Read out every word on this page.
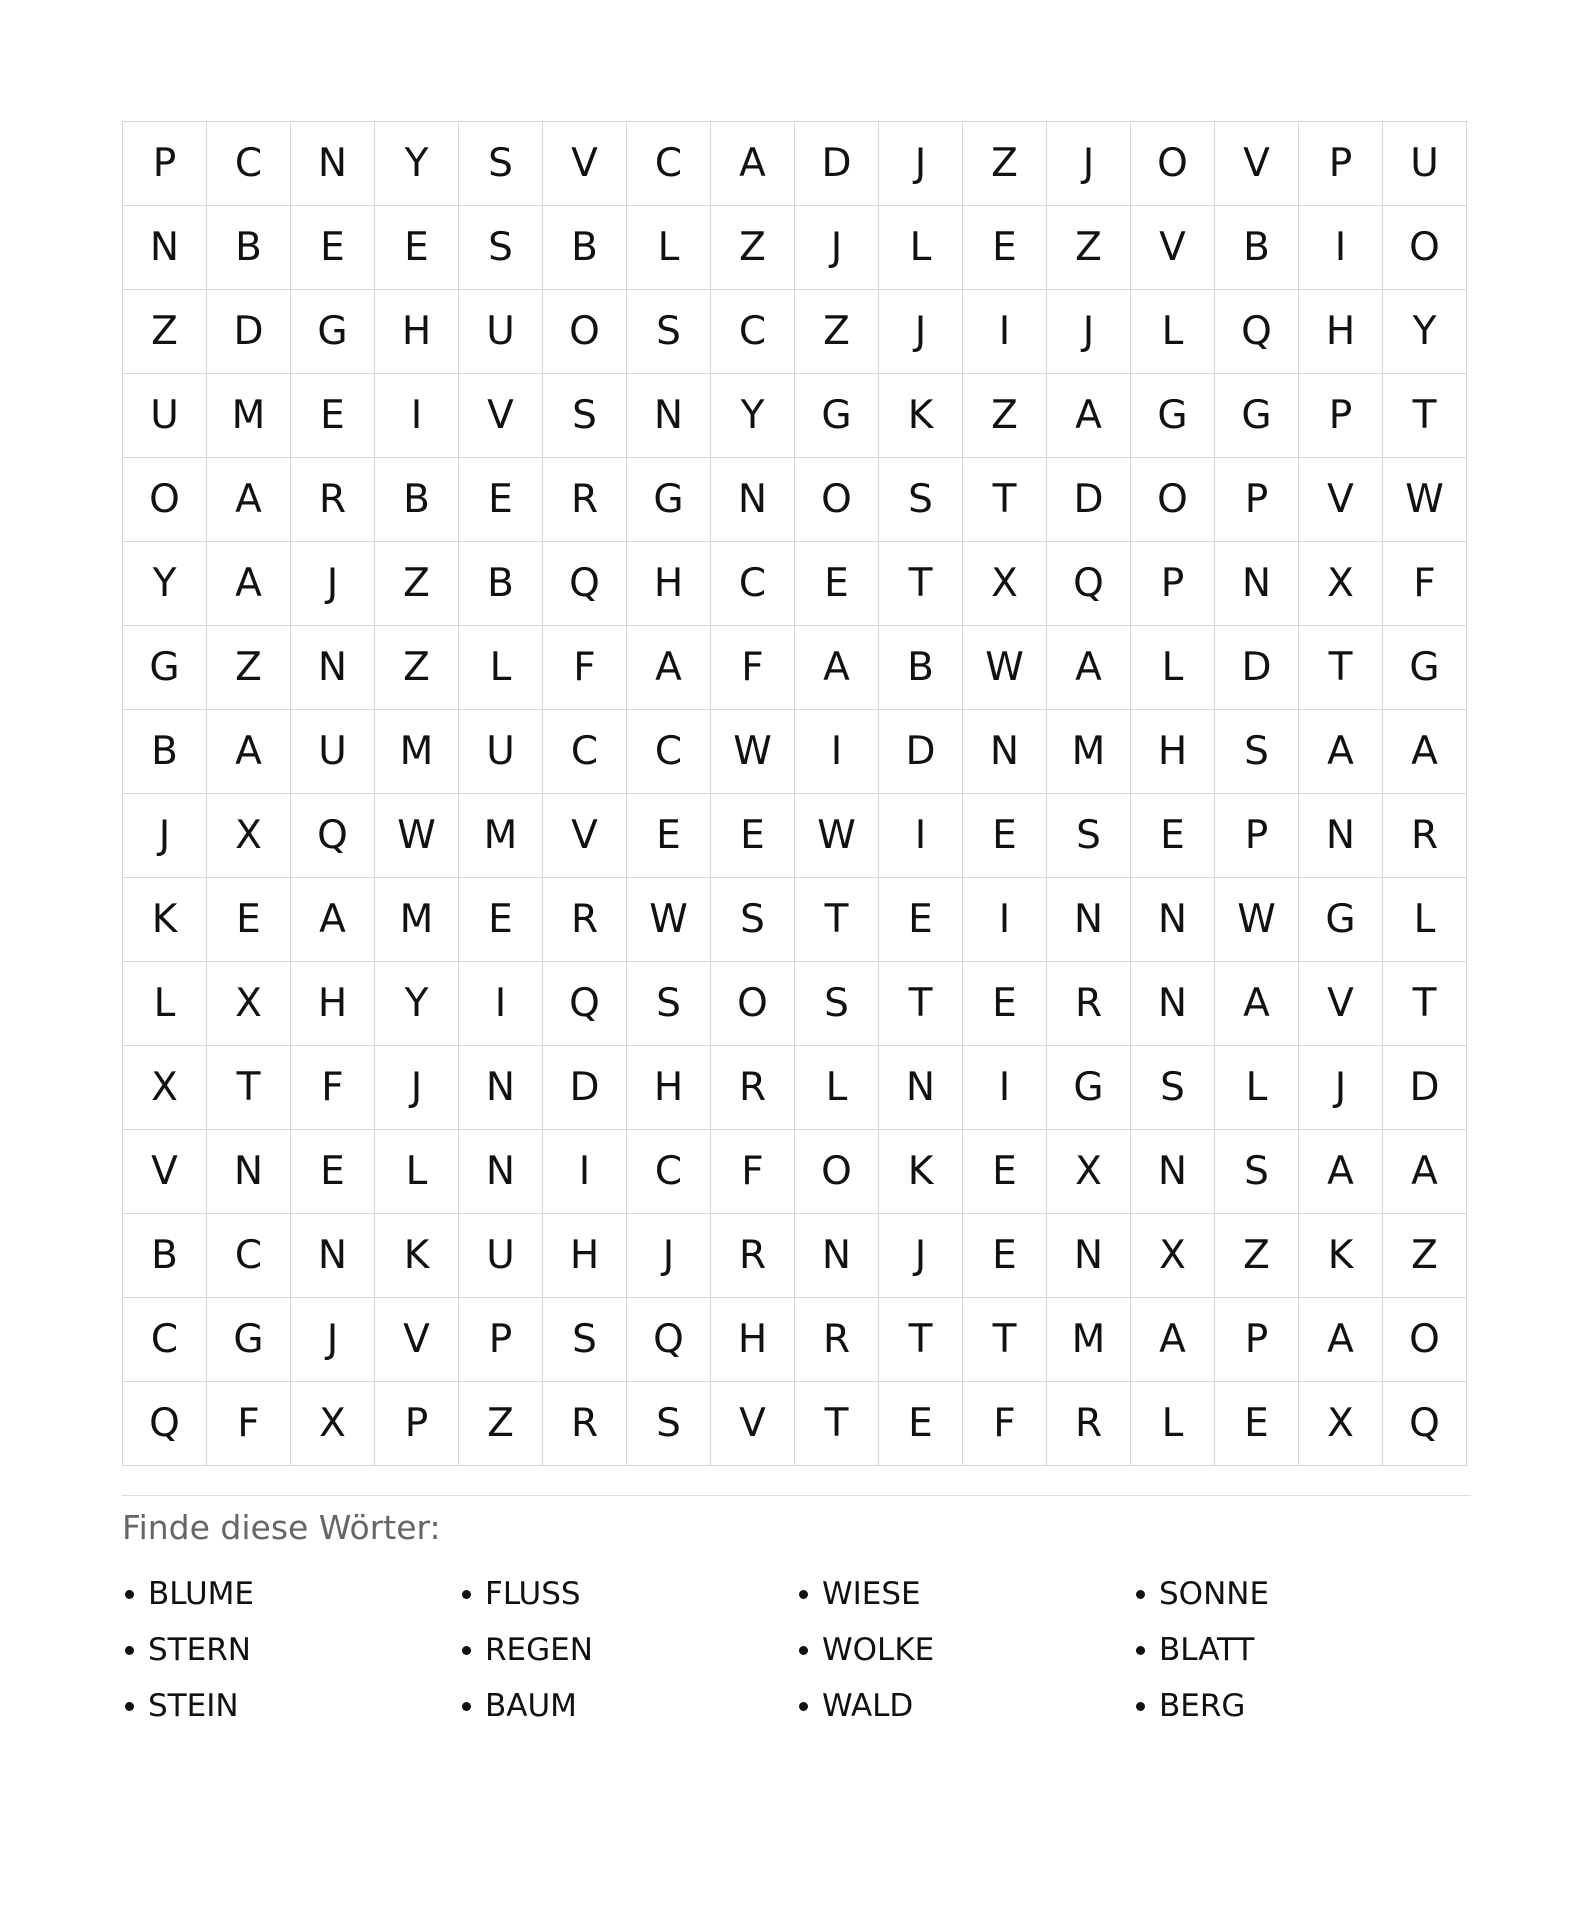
P	C	N	Y	S	V	C	A	D	J	Z	J	O	V	P	U
N	B	E	E	S	B	L	Z	J	L	E	Z	V	B	I	O
Z	D	G	H	U	O	S	C	Z	J	I	J	L	Q	H	Y
U	M	E	I	V	S	N	Y	G	K	Z	A	G	G	P	T
O	A	R	B	E	R	G	N	O	S	T	D	O	P	V	W
Y	A	J	Z	B	Q	H	C	E	T	X	Q	P	N	X	F
G	Z	N	Z	L	F	A	F	A	B	W	A	L	D	T	G
B	A	U	M	U	C	C	W	I	D	N	M	H	S	A	A
J	X	Q	W	M	V	E	E	W	I	E	S	E	P	N	R
K	E	A	M	E	R	W	S	T	E	I	N	N	W	G	L
L	X	H	Y	I	Q	S	O	S	T	E	R	N	A	V	T
X	T	F	J	N	D	H	R	L	N	I	G	S	L	J	D
V	N	E	L	N	I	C	F	O	K	E	X	N	S	A	A
B	C	N	K	U	H	J	R	N	J	E	N	X	Z	K	Z
C	G	J	V	P	S	Q	H	R	T	T	M	A	P	A	O
Q	F	X	P	Z	R	S	V	T	E	F	R	L	E	X	Q
Finde diese Wörter:
BLUME	FLUSS	WIESE	SONNE
STERN	REGEN	WOLKE	BLATT
STEIN	BAUM	WALD	BERG
